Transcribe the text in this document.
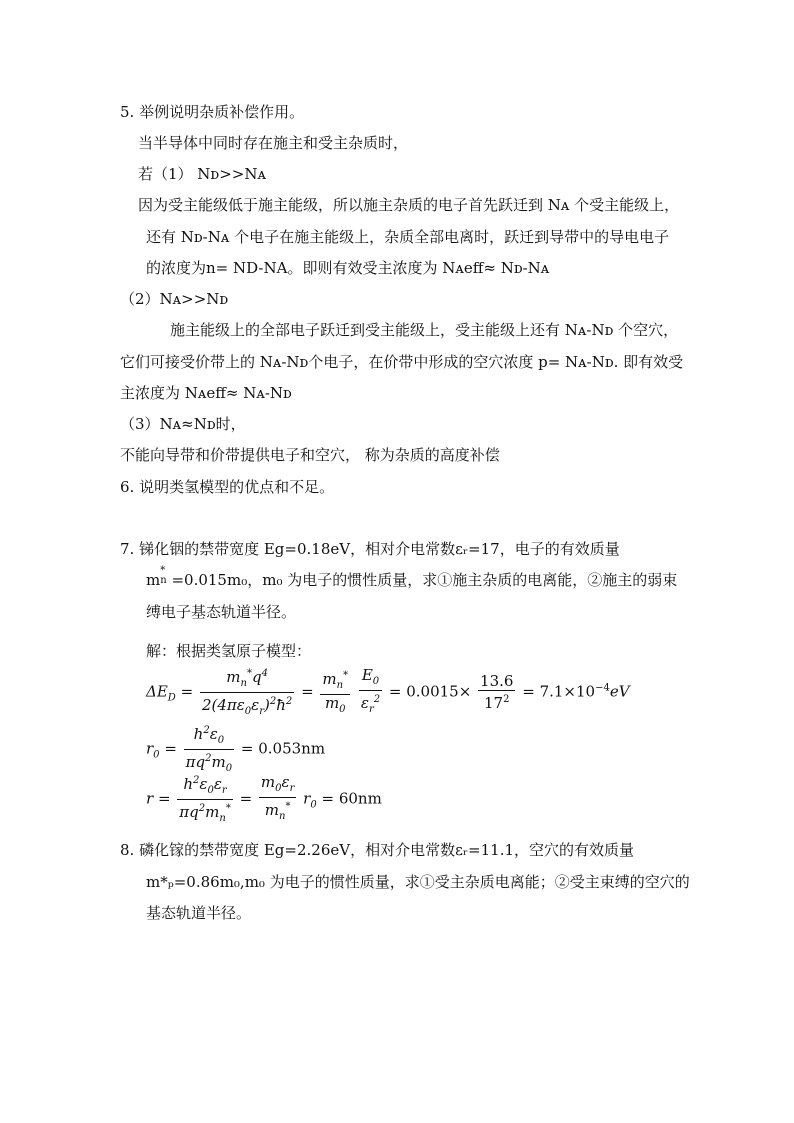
5. 举例说明杂质补偿作用。
当半导体中同时存在施主和受主杂质时，
若（1） Nᴅ>>Nᴀ
因为受主能级低于施主能级，所以施主杂质的电子首先跃迁到 Nᴀ 个受主能级上，
还有 Nᴅ-Nᴀ 个电子在施主能级上，杂质全部电离时，跃迁到导带中的导电电子
的浓度为n= ND-NA。即则有效受主浓度为 Nᴀeff≈ Nᴅ-Nᴀ
（2）Nᴀ>>Nᴅ
施主能级上的全部电子跃迁到受主能级上，受主能级上还有 Nᴀ-Nᴅ 个空穴，
它们可接受价带上的 Nᴀ-Nᴅ个电子，在价带中形成的空穴浓度 p= Nᴀ-Nᴅ. 即有效受
主浓度为 Nᴀeff≈ Nᴀ-Nᴅ
（3）Nᴀ≈Nᴅ时，
不能向导带和价带提供电子和空穴， 称为杂质的高度补偿
6. 说明类氢模型的优点和不足。
7. 锑化铟的禁带宽度 Eg=0.18eV，相对介电常数εᵣ=17，电子的有效质量
m*
n =0.015m₀，m₀ 为电子的惯性质量，求①施主杂质的电离能，②施主的弱束
缚电子基态轨道半径。
解：根据类氢原子模型：
$\Delta E_D = \frac{m_n^*q^4}{2(4\pi\varepsilon_0\varepsilon_r)^2ħ^2} = \frac{m_n^*}{m_0}$
$\frac{E_0}{\varepsilon_r^2} = 0.0015\times \frac{13.6}{17^2} = 7.1\times 10^{-4}eV$
$r_0 = \frac{h^2\varepsilon_0}{\pi q^2m_0} = 0.053nm$
$r = \frac{h^2\varepsilon_0\varepsilon_r}{\pi q^2m_n^*} = \frac{m_0\varepsilon_r}{m_n^*} r_0 = 60nm$
8. 磷化镓的禁带宽度 Eg=2.26eV，相对介电常数εᵣ=11.1，空穴的有效质量
m*ₚ=0.86m₀,m₀ 为电子的惯性质量，求①受主杂质电离能；②受主束缚的空穴的
基态轨道半径。
